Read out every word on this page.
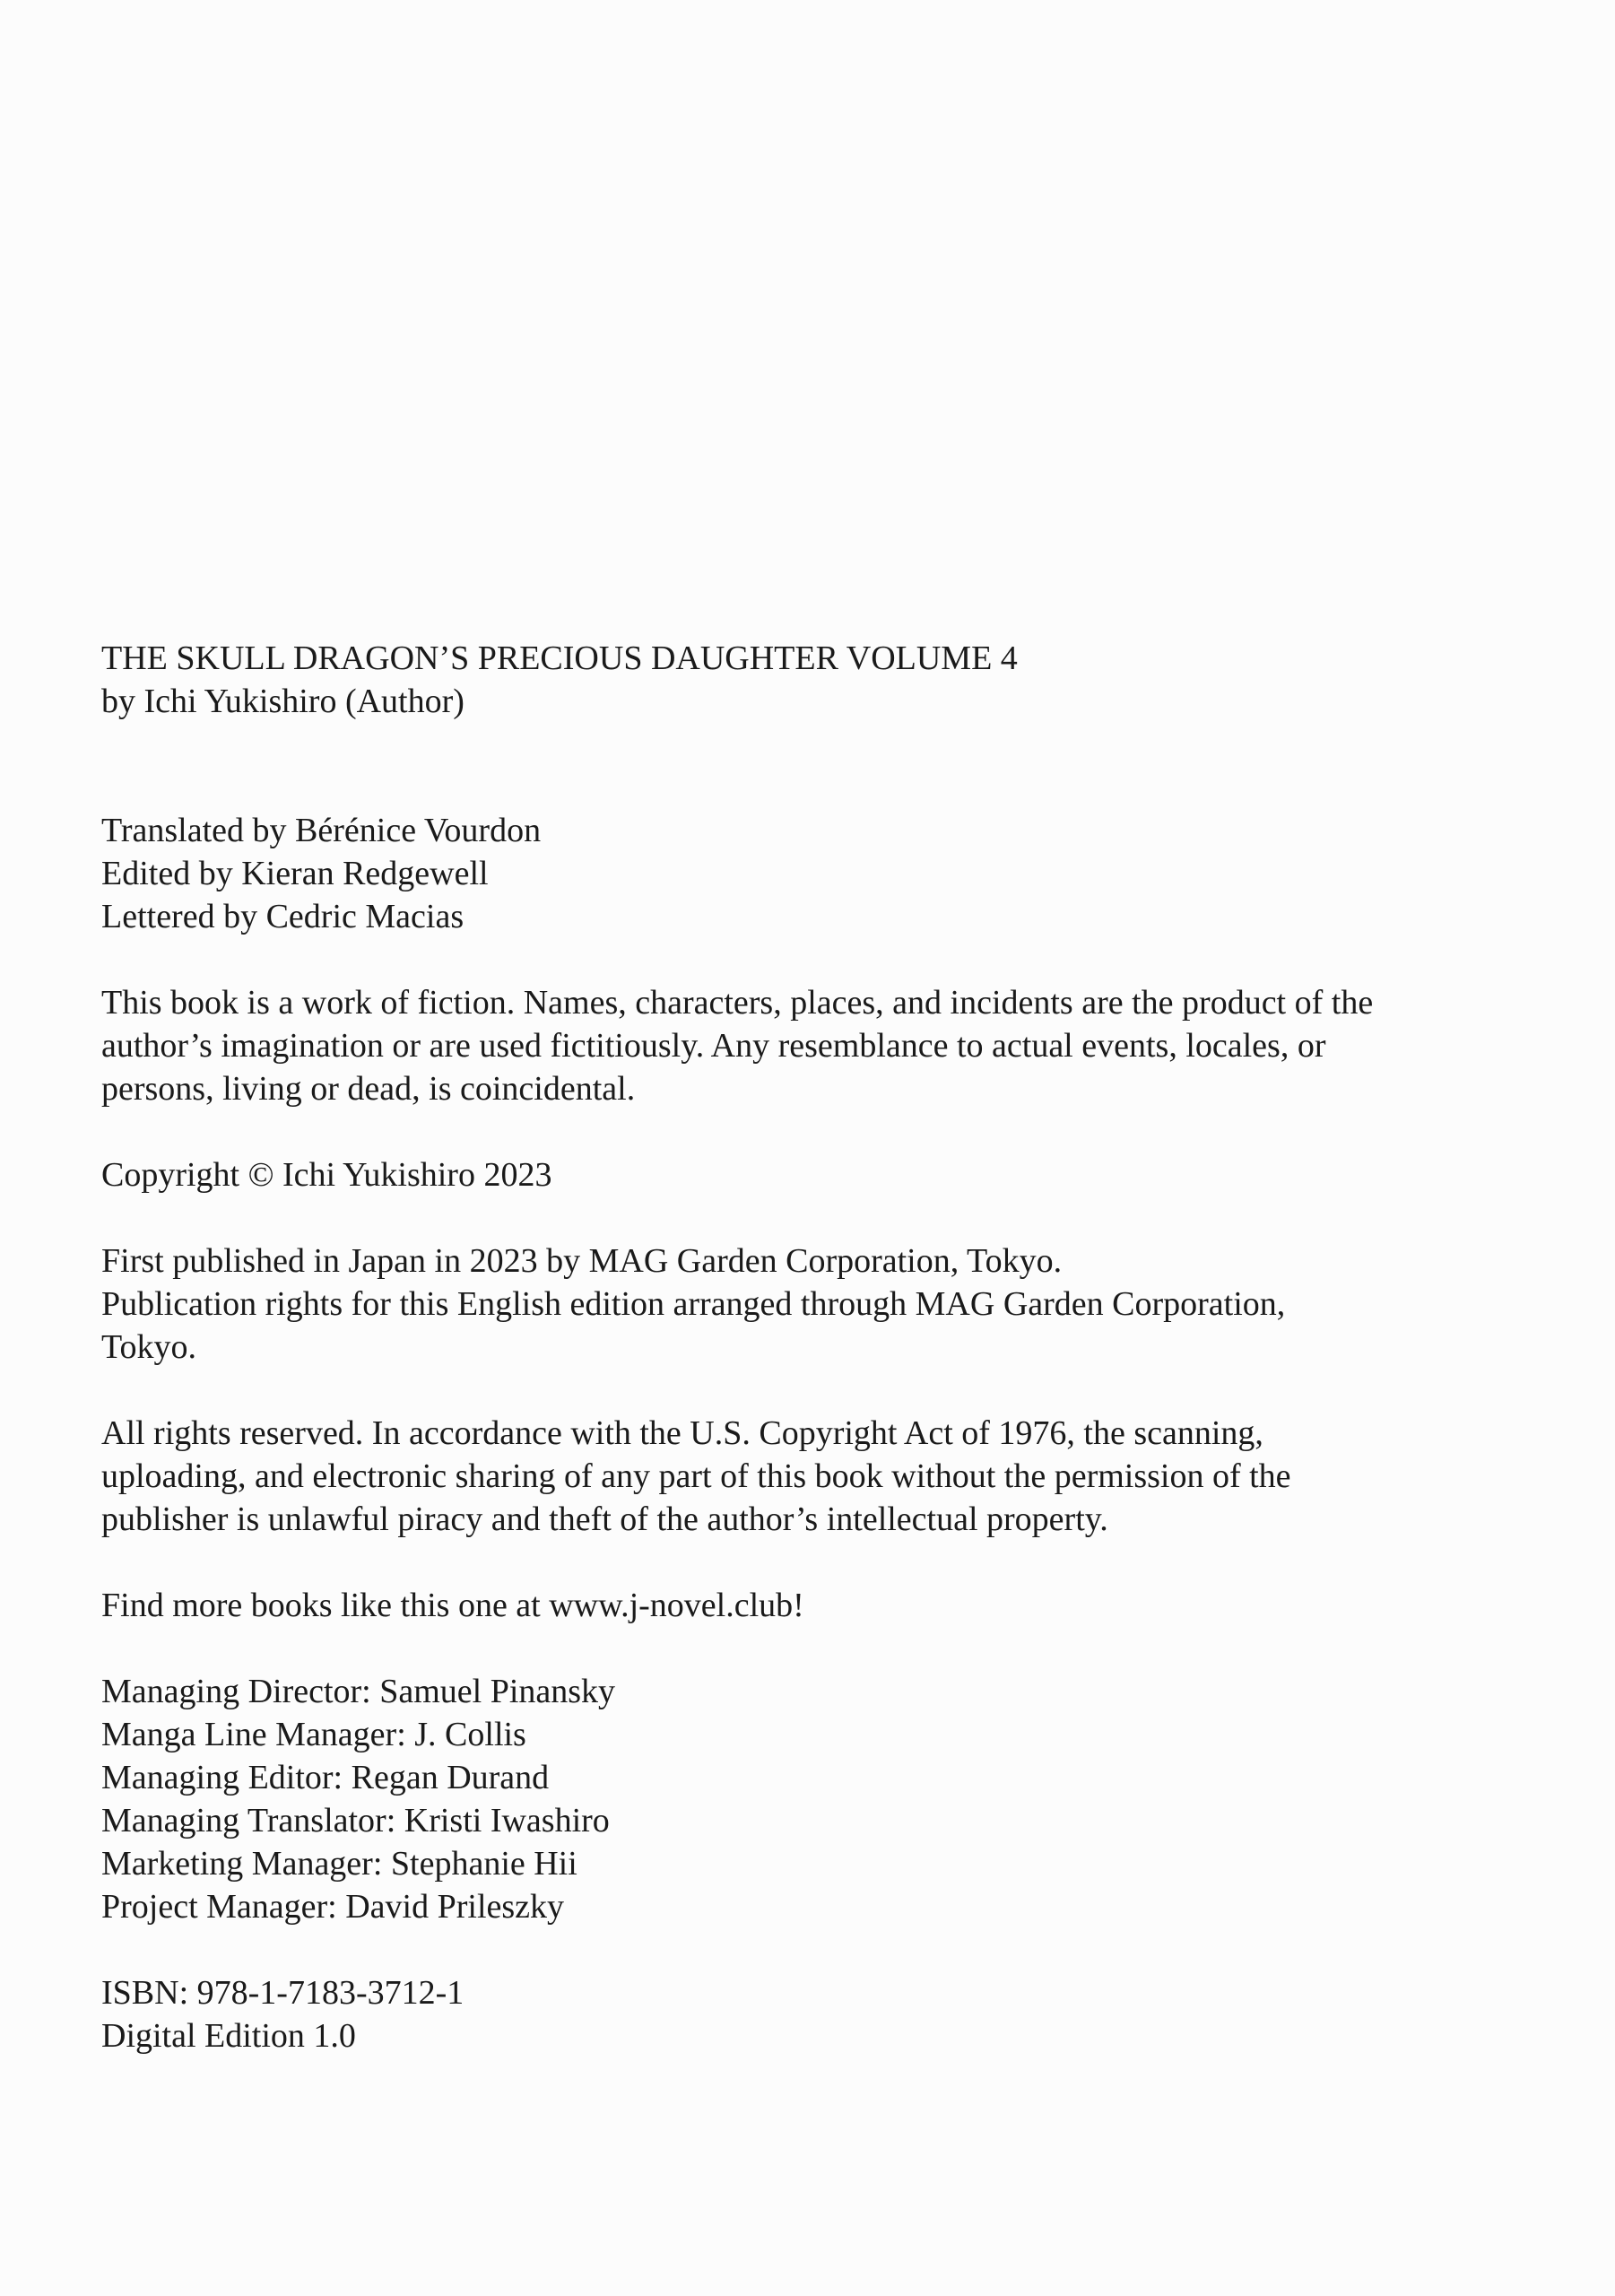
THE SKULL DRAGON’S PRECIOUS DAUGHTER VOLUME 4

by Ichi Yukishiro (Author)

Translated by Bérénice Vourdon

Edited by Kieran Redgewell

Lettered by Cedric Macias

This book is a work of fiction. Names, characters, places, and incidents are the product of the author’s imagination or are used fictitiously. Any resemblance to actual events, locales, or persons, living or dead, is coincidental.

Copyright © Ichi Yukishiro 2023

First published in Japan in 2023 by MAG Garden Corporation, Tokyo.

Publication rights for this English edition arranged through MAG Garden Corporation, Tokyo.

All rights reserved. In accordance with the U.S. Copyright Act of 1976, the scanning, uploading, and electronic sharing of any part of this book without the permission of the publisher is unlawful piracy and theft of the author’s intellectual property.

Find more books like this one at www.j-novel.club!

Managing Director: Samuel Pinansky

Manga Line Manager: J. Collis

Managing Editor: Regan Durand

Managing Translator: Kristi Iwashiro

Marketing Manager: Stephanie Hii

Project Manager: David Prileszky

ISBN: 978-1-7183-3712-1

Digital Edition 1.0
